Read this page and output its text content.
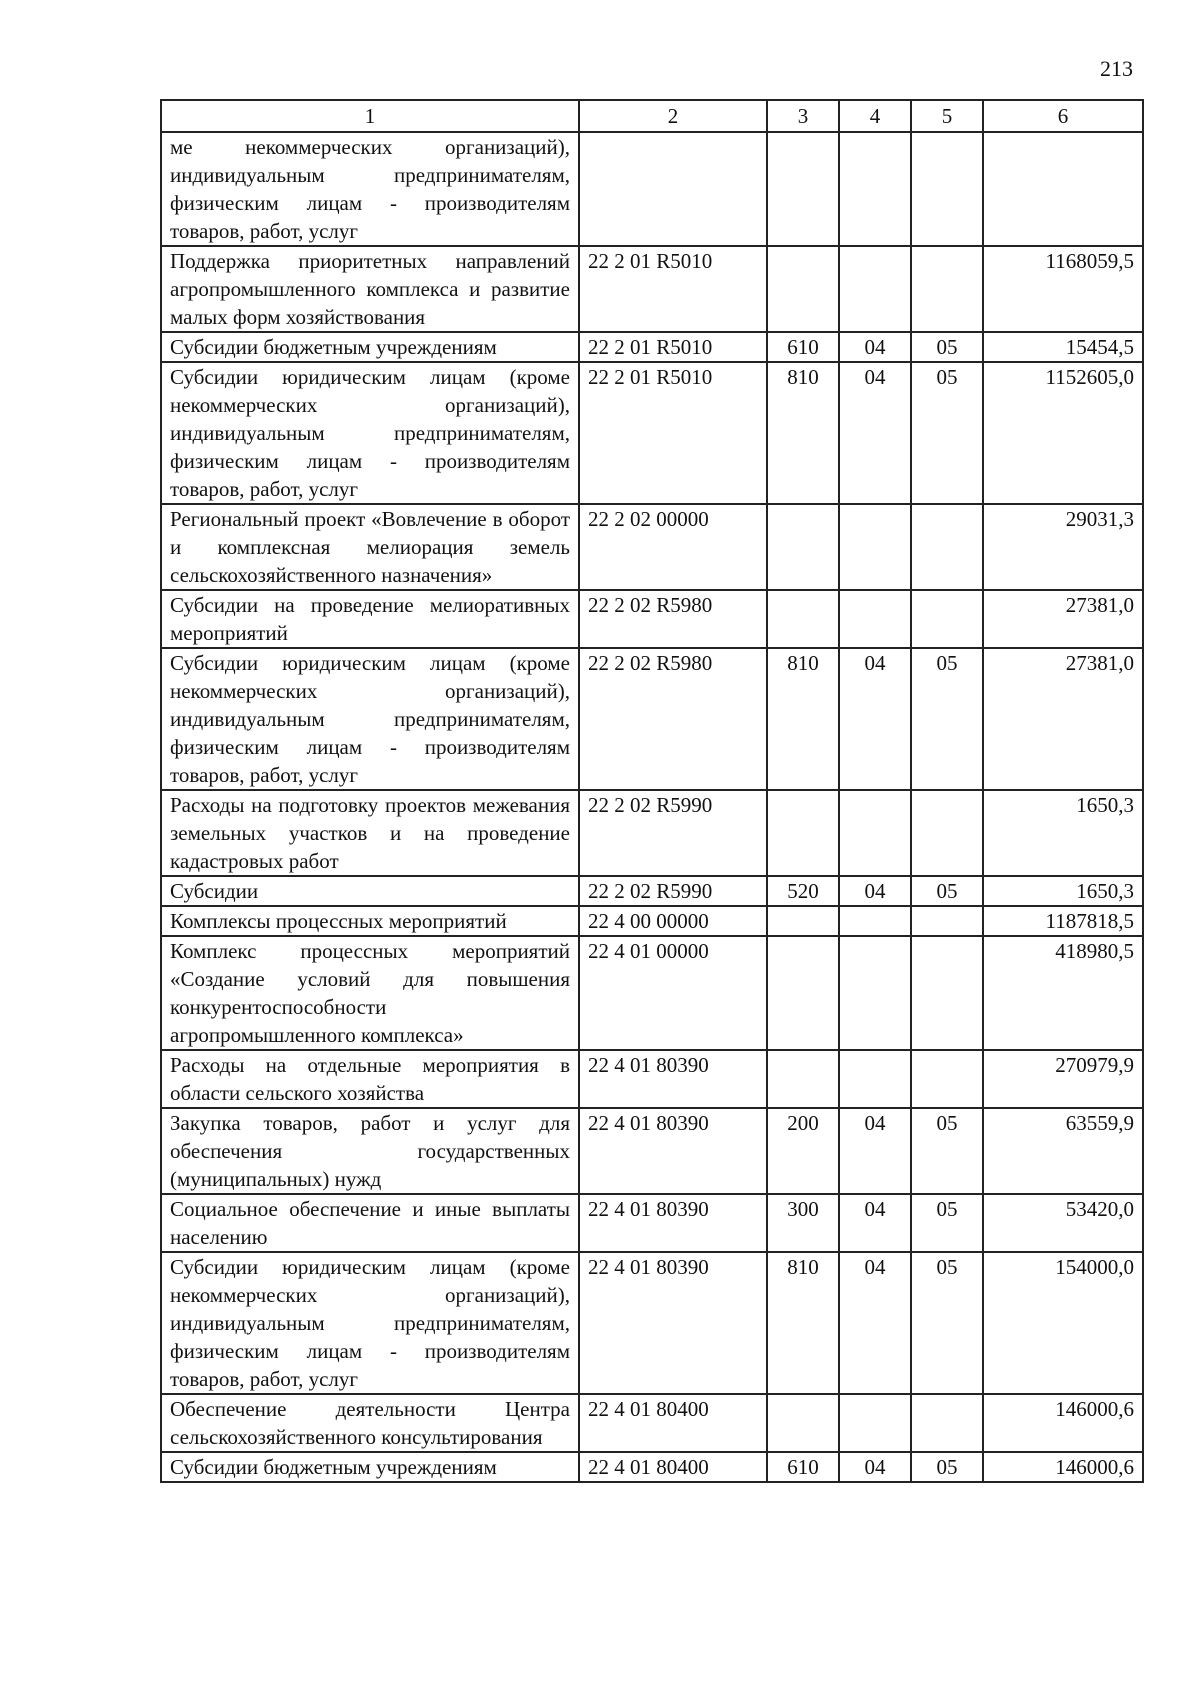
213
1	2	3	4	5	6
ме некоммерческих организаций), индивидуальным предпринимателям, физическим лицам - производителям товаров, работ, услуг					
Поддержка приоритетных направлений агропромышленного комплекса и развитие малых форм хозяйствования	22 2 01 R5010				1168059,5
Субсидии бюджетным учреждениям	22 2 01 R5010	610	04	05	15454,5
Субсидии юридическим лицам (кроме некоммерческих организаций), индивидуальным предпринимателям, физическим лицам - производителям товаров, работ, услуг	22 2 01 R5010	810	04	05	1152605,0
Региональный проект «Вовлечение в оборот и комплексная мелиорация земель сельскохозяйственного назначения»	22 2 02 00000				29031,3
Субсидии на проведение мелиоративных мероприятий	22 2 02 R5980				27381,0
Субсидии юридическим лицам (кроме некоммерческих организаций), индивидуальным предпринимателям, физическим лицам - производителям товаров, работ, услуг	22 2 02 R5980	810	04	05	27381,0
Расходы на подготовку проектов межевания земельных участков и на проведение кадастровых работ	22 2 02 R5990				1650,3
Субсидии	22 2 02 R5990	520	04	05	1650,3
Комплексы процессных мероприятий	22 4 00 00000				1187818,5
Комплекс процессных мероприятий «Создание условий для повышения конкурентоспособности агропромышленного комплекса»	22 4 01 00000				418980,5
Расходы на отдельные мероприятия в области сельского хозяйства	22 4 01 80390				270979,9
Закупка товаров, работ и услуг для обеспечения государственных (муниципальных) нужд	22 4 01 80390	200	04	05	63559,9
Социальное обеспечение и иные выплаты населению	22 4 01 80390	300	04	05	53420,0
Субсидии юридическим лицам (кроме некоммерческих организаций), индивидуальным предпринимателям, физическим лицам - производителям товаров, работ, услуг	22 4 01 80390	810	04	05	154000,0
Обеспечение деятельности Центра сельскохозяйственного консультирования	22 4 01 80400				146000,6
Субсидии бюджетным учреждениям	22 4 01 80400	610	04	05	146000,6
